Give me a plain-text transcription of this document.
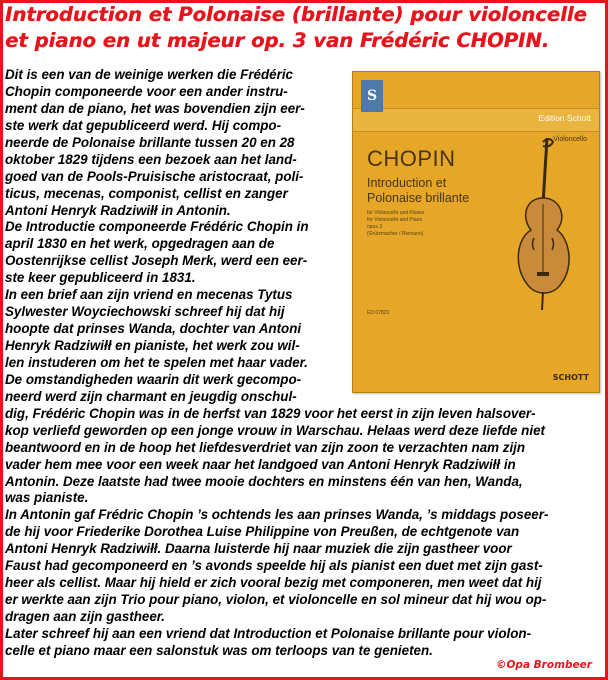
Introduction et Polonaise (brillante) pour violoncelle
et piano en ut majeur op. 3 van Frédéric CHOPIN.
Dit is een van de weinige werken die Frédéric
Chopin componeerde voor een ander instru-
ment dan de piano, het was bovendien zijn eer-
ste werk dat gepubliceerd werd. Hij compo-
neerde de Polonaise brillante tussen 20 en 28
oktober 1829 tijdens een bezoek aan het land-
goed van de Pools-Pruisische aristocraat, poli-
ticus, mecenas, componist, cellist en zanger
Antoni Henryk Radziwiłł in Antonin.
De Introductie componeerde Frédéric Chopin in
april 1830 en het werk, opgedragen aan de
Oostenrijkse cellist Joseph Merk, werd een eer-
ste keer gepubliceerd in 1831.
In een brief aan zijn vriend en mecenas Tytus
Sylwester Woyciechowski schreef hij dat hij
hoopte dat prinses Wanda, dochter van Antoni
Henryk Radziwiłł en pianiste, het werk zou wil-
len instuderen om het te spelen met haar vader.
De omstandigheden waarin dit werk gecompo-
neerd werd zijn charmant en jeugdig onschul-
dig, Frédéric Chopin was in de herfst van 1829 voor het eerst in zijn leven halsover-
kop verliefd geworden op een jonge vrouw in Warschau. Helaas werd deze liefde niet
beantwoord en in de hoop het liefdesverdriet van zijn zoon te verzachten nam zijn
vader hem mee voor een week naar het landgoed van Antoni Henryk Radziwiłł in
Antonin. Deze laatste had twee mooie dochters en minstens één van hen, Wanda,
was pianiste.
In Antonin gaf Frédric Chopin ’s ochtends les aan prinses Wanda, ’s middags poseer-
de hij voor Friederike Dorothea Luise Philippine von Preußen, de echtgenote van
Antoni Henryk Radziwiłł. Daarna luisterde hij naar muziek die zijn gastheer voor
Faust had gecomponeerd en ’s avonds speelde hij als pianist een duet met zijn gast-
heer als cellist. Maar hij hield er zich vooral bezig met componeren, men weet dat hij
er werkte aan zijn Trio pour piano, violon, et violoncelle en sol mineur dat hij wou op-
dragen aan zijn gastheer.
Later schreef hij aan een vriend dat Introduction et Polonaise brillante pour violon-
celle et piano maar een salonstuk was om terloops van te genieten.
S
Edition Schott
Violoncello
CHOPIN
Introduction et
Polonaise brillante
für Violoncello und Klavier
for Violoncello and Piano
opus 3
(Grützmacher / Riemann)
ED 07820
SCHOTT
©Opa Brombeer
